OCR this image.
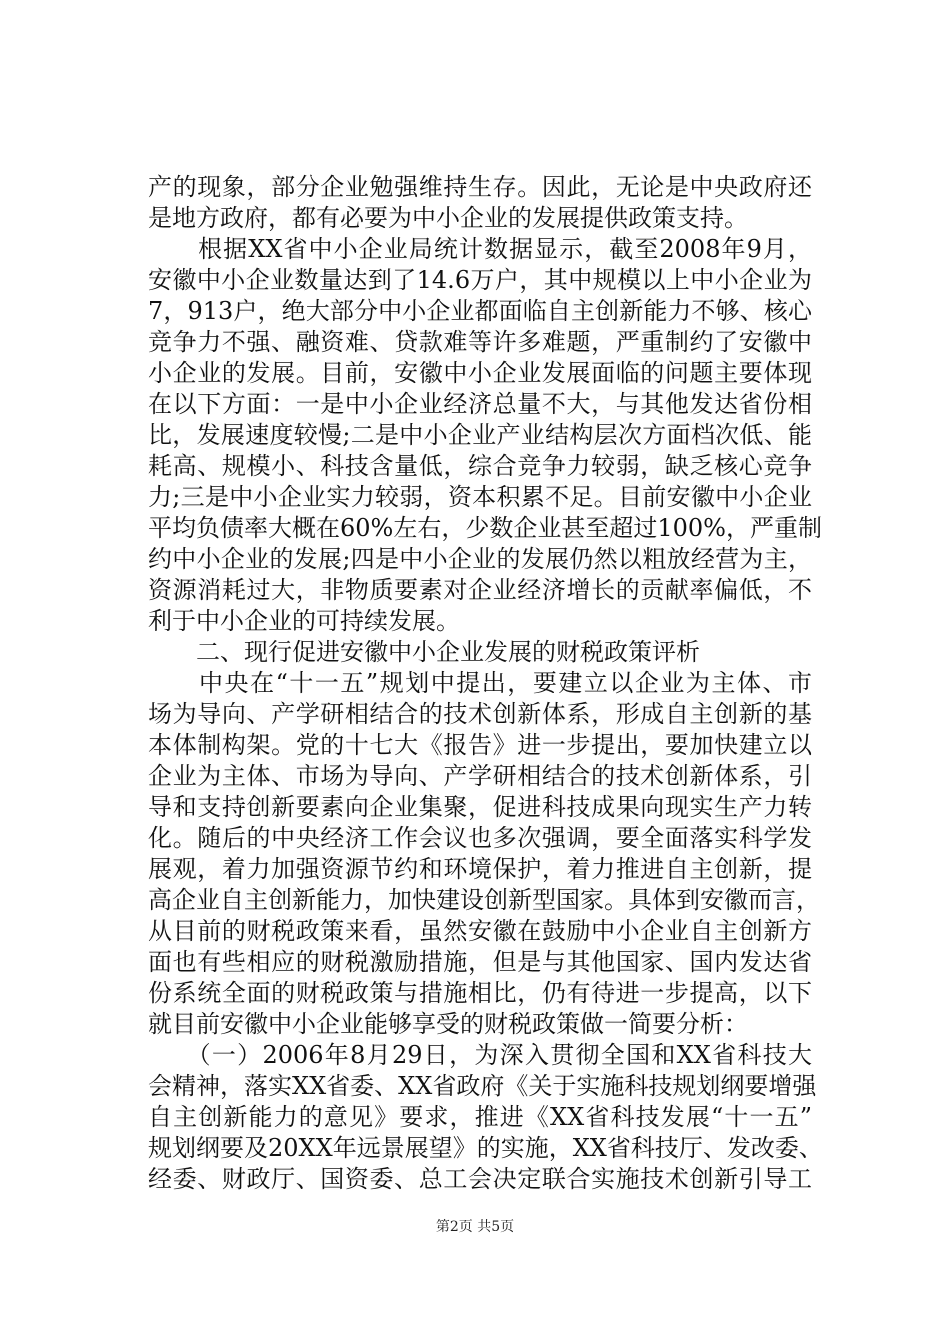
产的现象，部分企业勉强维持生存。因此，无论是中央政府还
是地方政府，都有必要为中小企业的发展提供政策支持。
　　根据XX省中小企业局统计数据显示，截至2008年9月，
安徽中小企业数量达到了14.6万户，其中规模以上中小企业为
7，913户，绝大部分中小企业都面临自主创新能力不够、核心
竞争力不强、融资难、贷款难等许多难题，严重制约了安徽中
小企业的发展。目前，安徽中小企业发展面临的问题主要体现
在以下方面：一是中小企业经济总量不大，与其他发达省份相
比，发展速度较慢;二是中小企业产业结构层次方面档次低、能
耗高、规模小、科技含量低，综合竞争力较弱，缺乏核心竞争
力;三是中小企业实力较弱，资本积累不足。目前安徽中小企业
平均负债率大概在60%左右，少数企业甚至超过100%，严重制
约中小企业的发展;四是中小企业的发展仍然以粗放经营为主，
资源消耗过大，非物质要素对企业经济增长的贡献率偏低，不
利于中小企业的可持续发展。
　　二、现行促进安徽中小企业发展的财税政策评析
　　中央在“十一五”规划中提出，要建立以企业为主体、市
场为导向、产学研相结合的技术创新体系，形成自主创新的基
本体制构架。党的十七大《报告》进一步提出，要加快建立以
企业为主体、市场为导向、产学研相结合的技术创新体系，引
导和支持创新要素向企业集聚，促进科技成果向现实生产力转
化。随后的中央经济工作会议也多次强调，要全面落实科学发
展观，着力加强资源节约和环境保护，着力推进自主创新，提
高企业自主创新能力，加快建设创新型国家。具体到安徽而言，
从目前的财税政策来看，虽然安徽在鼓励中小企业自主创新方
面也有些相应的财税激励措施，但是与其他国家、国内发达省
份系统全面的财税政策与措施相比，仍有待进一步提高，以下
就目前安徽中小企业能够享受的财税政策做一简要分析：
　　（一）2006年8月29日，为深入贯彻全国和XX省科技大
会精神，落实XX省委、XX省政府《关于实施科技规划纲要增强
自主创新能力的意见》要求，推进《XX省科技发展“十一五”
规划纲要及20XX年远景展望》的实施，XX省科技厅、发改委、
经委、财政厅、国资委、总工会决定联合实施技术创新引导工
第2页 共5页
